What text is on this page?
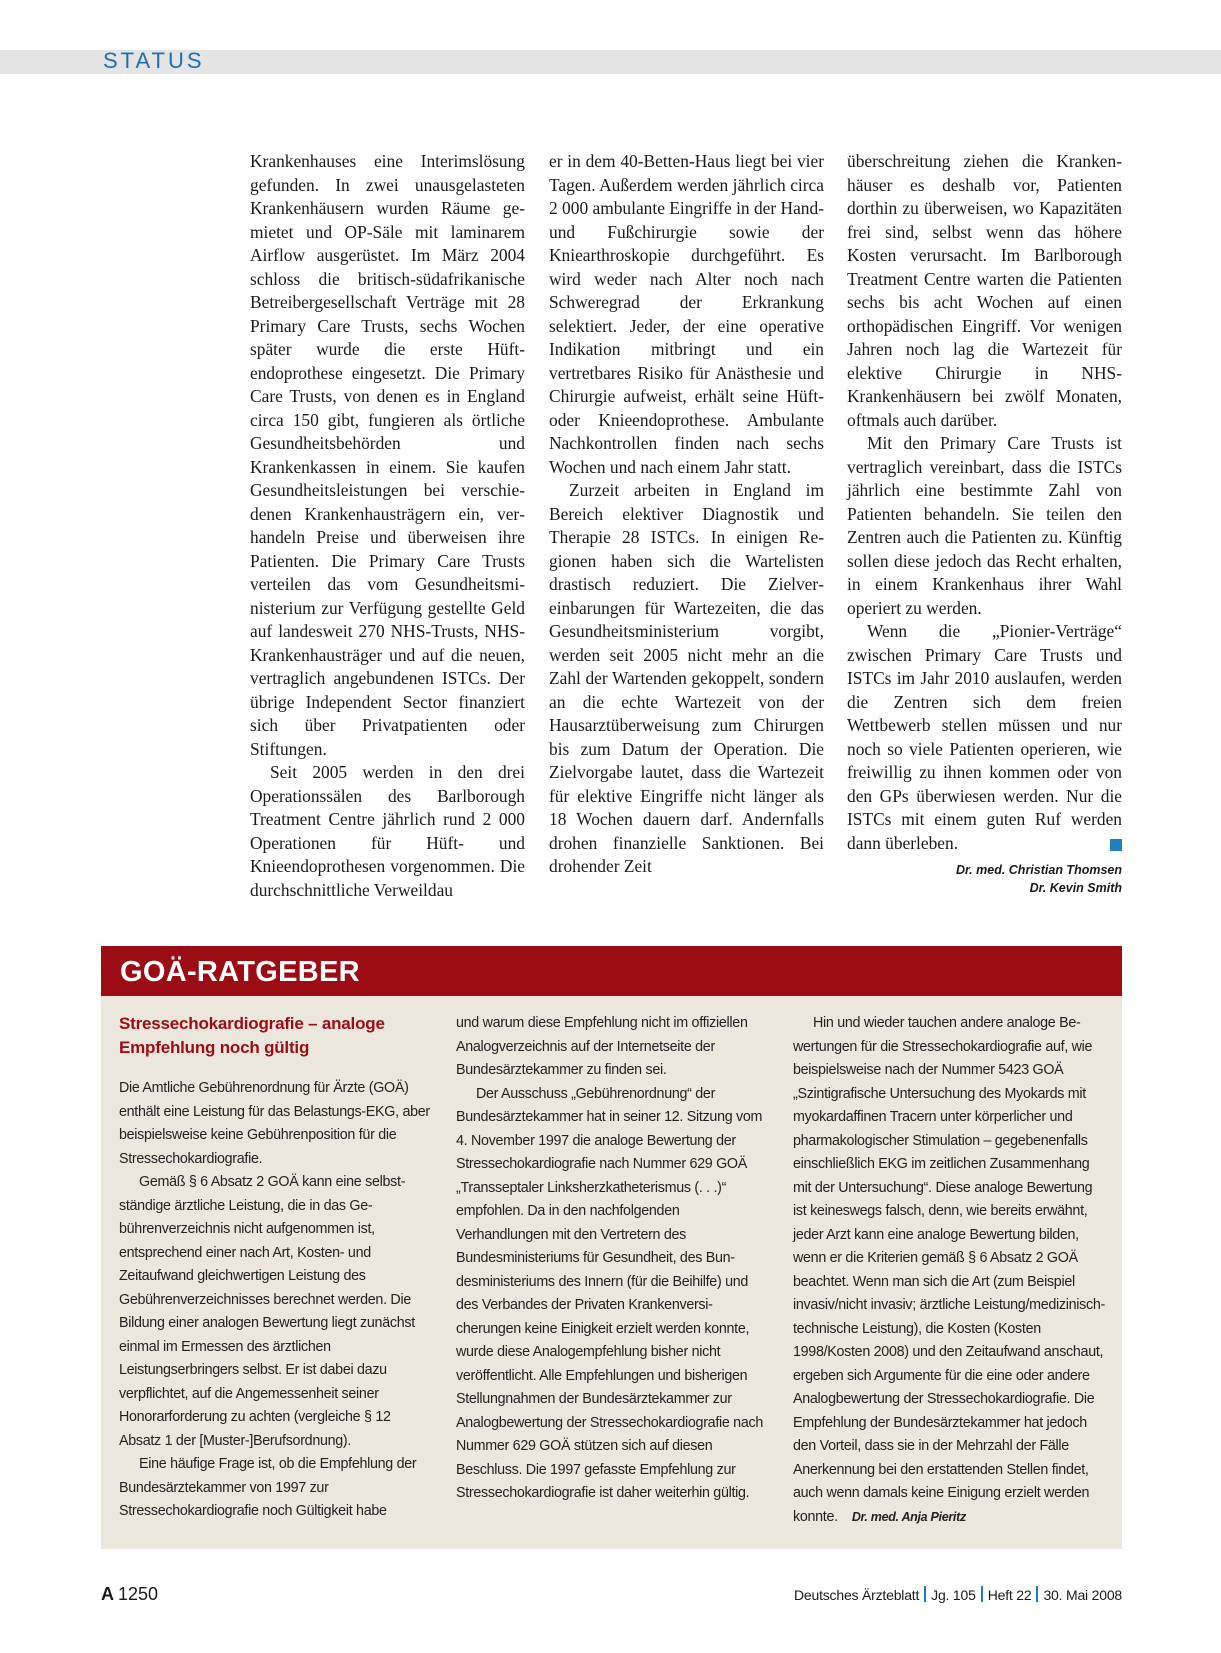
STATUS

Krankenhauses eine Interimslösung gefunden. In zwei unausgelasteten Krankenhäusern wurden Räume gemietet und OP-Säle mit laminarem Airflow ausgerüstet. Im März 2004 schloss die britisch-südafrikanische Betreibergesellschaft Verträge mit 28 Primary Care Trusts, sechs Wochen später wurde die erste Hüftendoprothese eingesetzt. Die Primary Care Trusts, von denen es in England circa 150 gibt, fungieren als örtliche Gesundheitsbehörden und Krankenkassen in einem. Sie kaufen Gesundheitsleistungen bei verschiedenen Krankenhausträgern ein, verhandeln Preise und überweisen ihre Patienten. Die Primary Care Trusts verteilen das vom Gesundheitsministerium zur Verfügung gestellte Geld auf landesweit 270 NHS-Trusts, NHS-Krankenhausträger und auf die neuen, vertraglich angebundenen ISTCs. Der übrige Independent Sector finanziert sich über Privatpatienten oder Stiftungen.

Seit 2005 werden in den drei Operationssälen des Barlborough Treatment Centre jährlich rund 2 000 Operationen für Hüft- und Knieendoprothesen vorgenommen. Die durchschnittliche Verweildau

er in dem 40-Betten-Haus liegt bei vier Tagen. Außerdem werden jährlich circa 2 000 ambulante Eingriffe in der Hand- und Fußchirurgie sowie der Kniearthroskopie durchgeführt. Es wird weder nach Alter noch nach Schweregrad der Erkrankung selektiert. Jeder, der eine operative Indikation mitbringt und ein vertretbares Risiko für Anästhesie und Chirurgie aufweist, erhält seine Hüft- oder Knieendoprothese. Ambulante Nachkontrollen finden nach sechs Wochen und nach einem Jahr statt.

Zurzeit arbeiten in England im Bereich elektiver Diagnostik und Therapie 28 ISTCs. In einigen Regionen haben sich die Wartelisten drastisch reduziert. Die Zielvereinbarungen für Wartezeiten, die das Gesundheitsministerium vorgibt, werden seit 2005 nicht mehr an die Zahl der Wartenden gekoppelt, sondern an die echte Wartezeit von der Hausarztüberweisung zum Chirurgen bis zum Datum der Operation. Die Zielvorgabe lautet, dass die Wartezeit für elektive Eingriffe nicht länger als 18 Wochen dauern darf. Andernfalls drohen finanzielle Sanktionen. Bei drohender Zeit

überschreitung ziehen die Krankenhäuser es deshalb vor, Patienten dorthin zu überweisen, wo Kapazitäten frei sind, selbst wenn das höhere Kosten verursacht. Im Barlborough Treatment Centre warten die Patienten sechs bis acht Wochen auf einen orthopädischen Eingriff. Vor wenigen Jahren noch lag die Wartezeit für elektive Chirurgie in NHS-Krankenhäusern bei zwölf Monaten, oftmals auch darüber.

Mit den Primary Care Trusts ist vertraglich vereinbart, dass die ISTCs jährlich eine bestimmte Zahl von Patienten behandeln. Sie teilen den Zentren auch die Patienten zu. Künftig sollen diese jedoch das Recht erhalten, in einem Krankenhaus ihrer Wahl operiert zu werden.

Wenn die „Pionier-Verträge“ zwischen Primary Care Trusts und ISTCs im Jahr 2010 auslaufen, werden die Zentren sich dem freien Wettbewerb stellen müssen und nur noch so viele Patienten operieren, wie freiwillig zu ihnen kommen oder von den GPs überwiesen werden. Nur die ISTCs mit einem guten Ruf werden dann überleben.

Dr. med. Christian Thomsen
Dr. Kevin Smith
GOÄ-RATGEBER

Stressechokardiografie – analoge Empfehlung noch gültig

Die Amtliche Gebührenordnung für Ärzte (GOÄ) enthält eine Leistung für das Belastungs-EKG, aber beispielsweise keine Gebührenposition für die Stressechokardiografie.

Gemäß § 6 Absatz 2 GOÄ kann eine selbstständige ärztliche Leistung, die in das Gebührenverzeichnis nicht aufgenommen ist, entsprechend einer nach Art, Kosten- und Zeitaufwand gleichwertigen Leistung des Gebührenverzeichnisses berechnet werden. Die Bildung einer analogen Bewertung liegt zunächst einmal im Ermessen des ärztlichen Leistungserbringers selbst. Er ist dabei dazu verpflichtet, auf die Angemessenheit seiner Honorarforderung zu achten (vergleiche § 12 Absatz 1 der [Muster-]Berufsordnung).

Eine häufige Frage ist, ob die Empfehlung der Bundesärztekammer von 1997 zur Stressechokardiografie noch Gültigkeit habe

und warum diese Empfehlung nicht im offiziellen Analogverzeichnis auf der Internetseite der Bundesärztekammer zu finden sei.

Der Ausschuss „Gebührenordnung“ der Bundesärztekammer hat in seiner 12. Sitzung vom 4. November 1997 die analoge Bewertung der Stressechokardiografie nach Nummer 629 GOÄ „Transseptaler Linksherzkatheterismus (. . .)“ empfohlen. Da in den nachfolgenden Verhandlungen mit den Vertretern des Bundesministeriums für Gesundheit, des Bundesministeriums des Innern (für die Beihilfe) und des Verbandes der Privaten Krankenversicherungen keine Einigkeit erzielt werden konnte, wurde diese Analogempfehlung bisher nicht veröffentlicht. Alle Empfehlungen und bisherigen Stellungnahmen der Bundesärztekammer zur Analogbewertung der Stressechokardiografie nach Nummer 629 GOÄ stützen sich auf diesen Beschluss. Die 1997 gefasste Empfehlung zur Stressechokardiografie ist daher weiterhin gültig.

Hin und wieder tauchen andere analoge Bewertungen für die Stressechokardiografie auf, wie beispielsweise nach der Nummer 5423 GOÄ „Szintigrafische Untersuchung des Myokards mit myokardaffinen Tracern unter körperlicher und pharmakologischer Stimulation – gegebenenfalls einschließlich EKG im zeitlichen Zusammenhang mit der Untersuchung“. Diese analoge Bewertung ist keineswegs falsch, denn, wie bereits erwähnt, jeder Arzt kann eine analoge Bewertung bilden, wenn er die Kriterien gemäß § 6 Absatz 2 GOÄ beachtet. Wenn man sich die Art (zum Beispiel invasiv/nicht invasiv; ärztliche Leistung/medizinisch-technische Leistung), die Kosten (Kosten 1998/Kosten 2008) und den Zeitaufwand anschaut, ergeben sich Argumente für die eine oder andere Analogbewertung der Stressechokardiografie. Die Empfehlung der Bundesärztekammer hat jedoch den Vorteil, dass sie in der Mehrzahl der Fälle Anerkennung bei den erstattenden Stellen findet, auch wenn damals keine Einigung erzielt werden konnte. Dr. med. Anja Pieritz

A 1250	Deutsches Ärzteblatt Jg. 105 Heft 22 30. Mai 2008
